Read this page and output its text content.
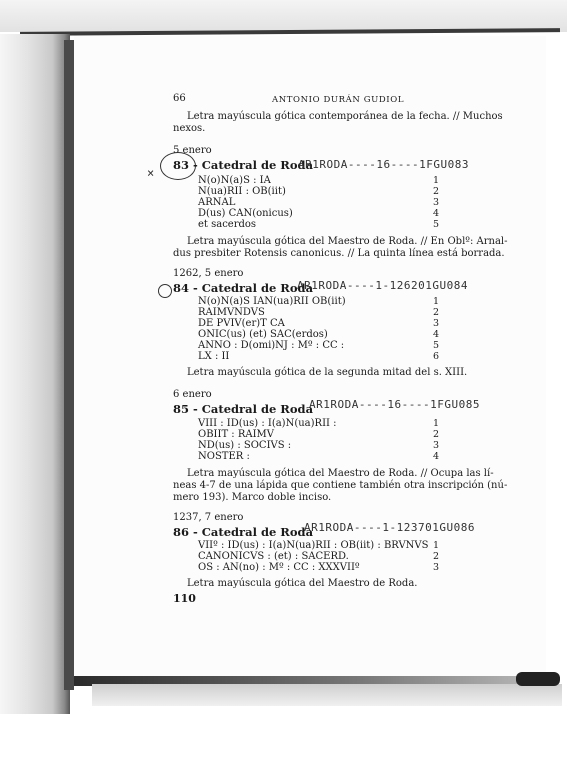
66	ANTONIO DURÁN GUDIOL
Letra mayúscula gótica contemporánea de la fecha. // Muchos
nexos.
5 enero
×
83 - Catedral de Roda
AR1RODA----16----1FGU083
N(o)N(a)S : IA
N(ua)RII : OB(iit)
ARNAL
D(us) CAN(onicus)
et sacerdos
1
2
3
4
5
Letra mayúscula gótica del Maestro de Roda. // En Oblº: Arnal-
dus presbiter Rotensis canonicus. // La quinta línea está borrada.
1262, 5 enero
84 - Catedral de Roda
AR1RODA----1-126201GU084
N(o)N(a)S IAN(ua)RII OB(iit)
RAIMVNDVS
DE PVIV(er)T CA
ONIC(us) (et) SAC(erdos)
ANNO : D(omi)NJ : Mº : CC :
LX : II
1
2
3
4
5
6
Letra mayúscula gótica de la segunda mitad del s. XIII.
6 enero
85 - Catedral de Roda
AR1RODA----16----1FGU085
VIII : ID(us) : I(a)N(ua)RII :
OBIIT : RAIMV
ND(us) : SOCIVS :
NOSTER :
1
2
3
4
Letra mayúscula gótica del Maestro de Roda. // Ocupa las lí-
neas 4-7 de una lápida que contiene también otra inscripción (nú-
mero 193). Marco doble inciso.
1237, 7 enero
86 - Catedral de Roda
AR1RODA----1-123701GU086
VIIº : ID(us) : I(a)N(ua)RII : OB(iit) : BRVNVS
CANONICVS : (et) : SACERD.
OS : AN(no) : Mº : CC : XXXVIIº
1
2
3
Letra mayúscula gótica del Maestro de Roda.
110
